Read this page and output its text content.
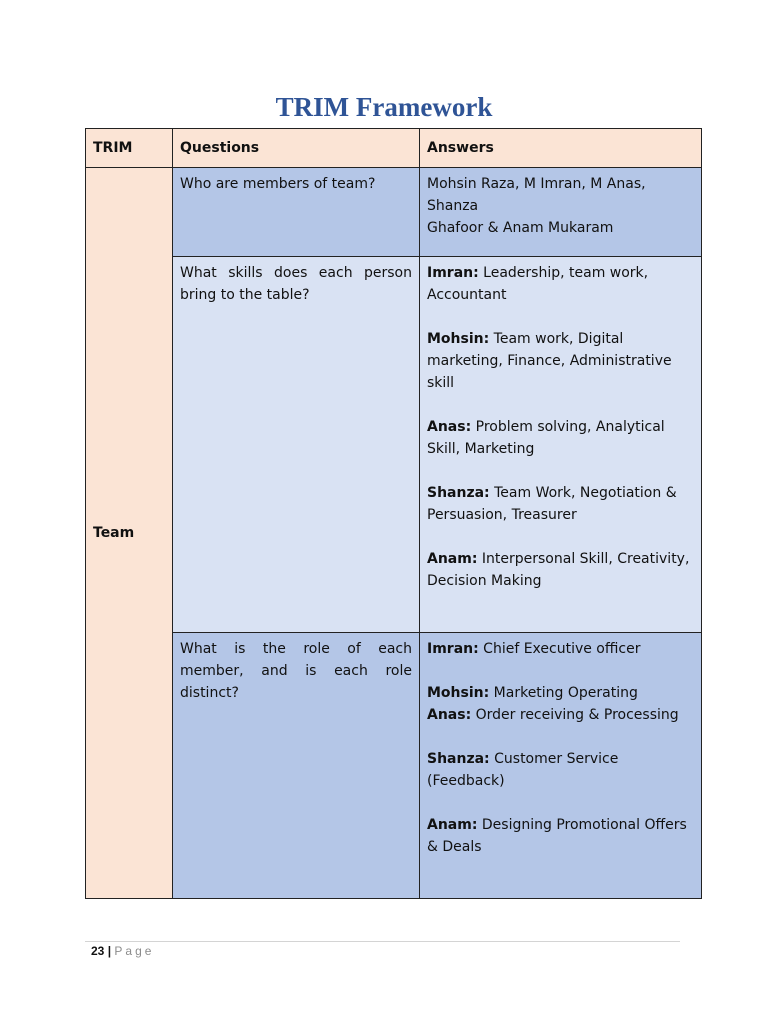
TRIM Framework
TRIM	Questions	Answers
Team	Who are members of team?	Mohsin Raza, M Imran, M Anas, Shanza
Ghafoor & Anam Mukaram

	What skills does each person bring to the table?	Imran: Leadership, team work, Accountant

Mohsin: Team work, Digital marketing, Finance, Administrative skill

Anas: Problem solving, Analytical Skill, Marketing

Shanza: Team Work, Negotiation & Persuasion, Treasurer

Anam: Interpersonal Skill, Creativity, Decision Making

	What is the role of each member, and is each role distinct?	Imran: Chief Executive officer

Mohsin: Marketing Operating

Anas: Order receiving & Processing

Shanza: Customer Service (Feedback)

Anam: Designing Promotional Offers & Deals

23 | Page
